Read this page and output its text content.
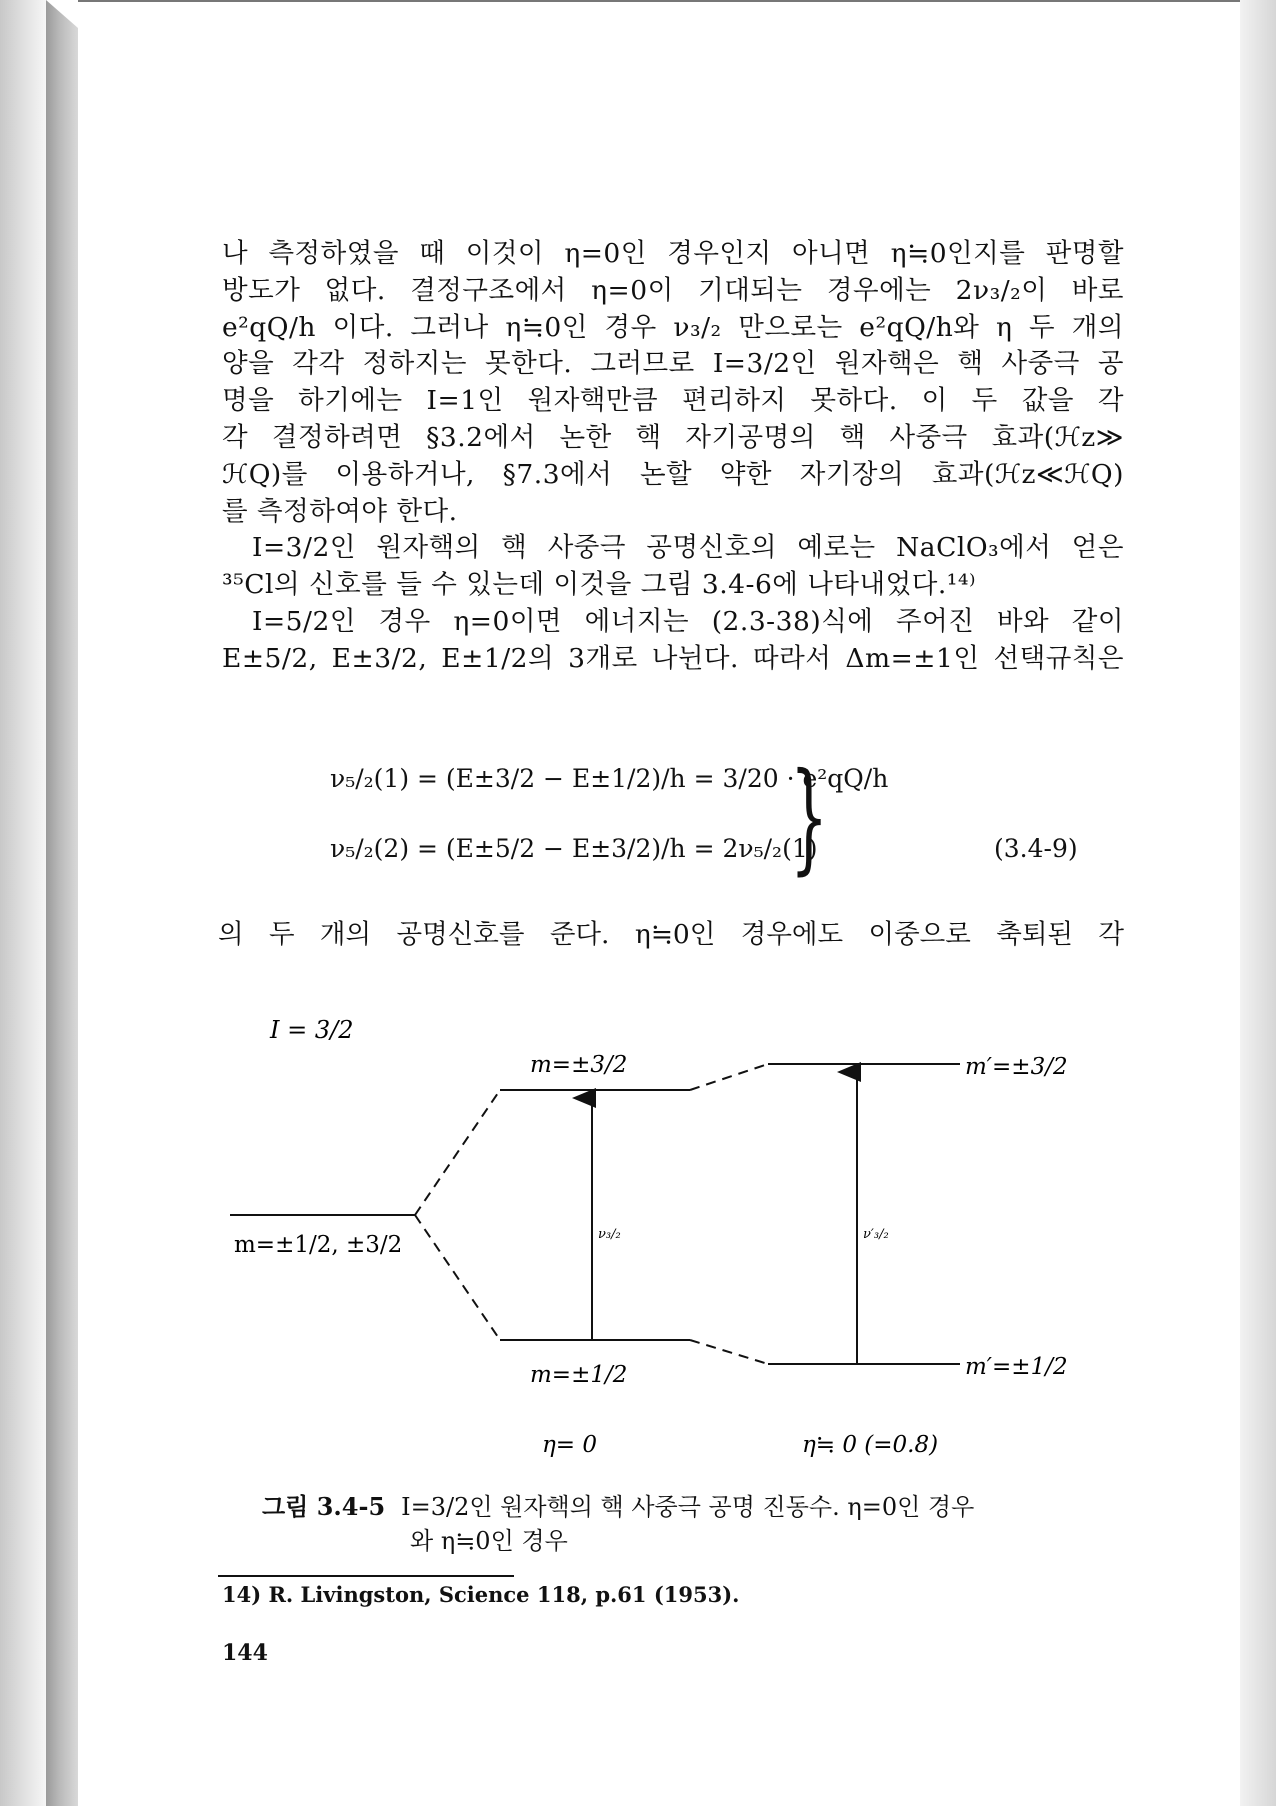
나 측정하였을 때 이것이 η=0인 경우인지 아니면 η≒0인지를 판명할
방도가 없다. 결정구조에서 η=0이 기대되는 경우에는 2ν₃/₂이 바로
e²qQ/h 이다. 그러나 η≒0인 경우 ν₃/₂ 만으로는 e²qQ/h와 η 두 개의
양을 각각 정하지는 못한다. 그러므로 I=3/2인 원자핵은 핵 사중극 공
명을 하기에는 I=1인 원자핵만큼 편리하지 못하다. 이 두 값을 각
각 결정하려면 §3.2에서 논한 핵 자기공명의 핵 사중극 효과(ℋz≫
ℋQ)를 이용하거나, §7.3에서 논할 약한 자기장의 효과(ℋz≪ℋQ)
를 측정하여야 한다.
I=3/2인 원자핵의 핵 사중극 공명신호의 예로는 NaClO₃에서 얻은
³⁵Cl의 신호를 들 수 있는데 이것을 그림 3.4-6에 나타내었다.¹⁴⁾
I=5/2인 경우 η=0이면 에너지는 (2.3-38)식에 주어진 바와 같이
E±5/2, E±3/2, E±1/2의 3개로 나뉜다. 따라서 Δm=±1인 선택규칙은
ν₅/₂(1) = (E±3/2 − E±1/2)/h = 3/20 · e²qQ/h
ν₅/₂(2) = (E±5/2 − E±3/2)/h = 2ν₅/₂(1)
}	(3.4-9)
의 두 개의 공명신호를 준다. η≒0인 경우에도 이중으로 축퇴된 각
I = 3/2
m=±1/2, ±3/2
m=±3/2
m=±1/2
ν₃/₂
m′=±3/2
m′=±1/2
ν′₃/₂
η= 0	η≒ 0 (=0.8)
그림 3.4-5 I=3/2인 원자핵의 핵 사중극 공명 진동수. η=0인 경우
와 η≒0인 경우
14) R. Livingston, Science 118, p.61 (1953).
144
